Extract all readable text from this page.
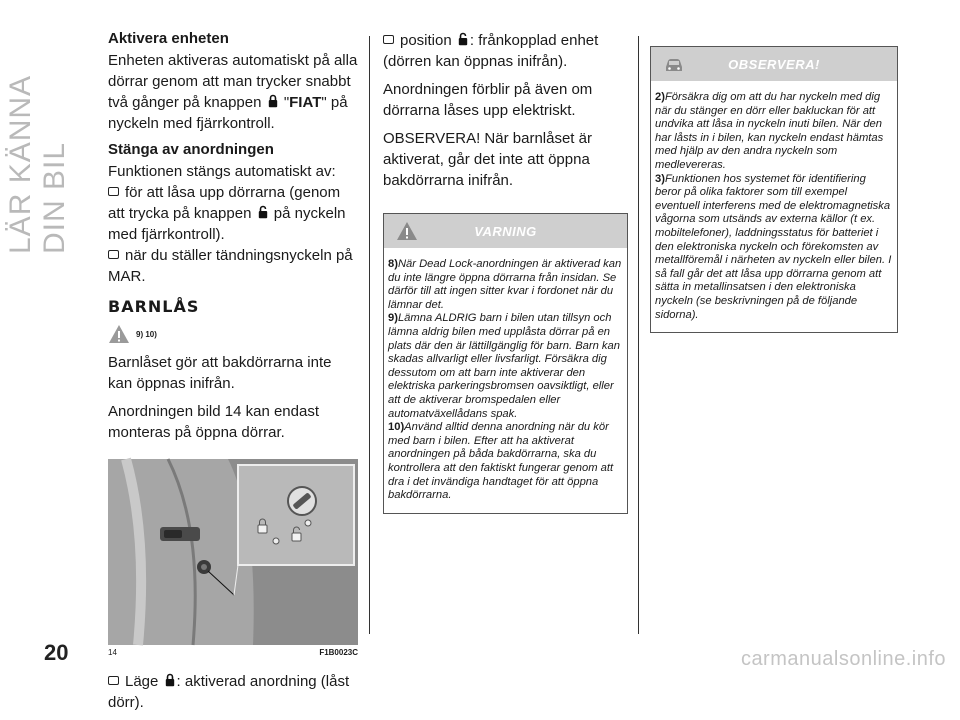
LÄR KÄNNA DIN BIL
20	carmanualsonline.info
Aktivera enheten
Enheten aktiveras automatiskt på alla dörrar genom att man trycker snabbt två gånger på knappen "FIAT" på nyckeln med fjärrkontroll.
Stänga av anordningen
Funktionen stängs automatiskt av:
för att låsa upp dörrarna (genom att trycka på knappen på nyckeln med fjärrkontroll).
när du ställer tändningsnyckeln på MAR.
BARNLÅS
9) 10)
Barnlåset gör att bakdörrarna inte kan öppnas inifrån.
Anordningen bild 14 kan endast monteras på öppna dörrar.
14	F1B0023C
Läge : aktiverad anordning (låst dörr).
position : frånkopplad enhet (dörren kan öppnas inifrån).
Anordningen förblir på även om dörrarna låses upp elektriskt.
OBSERVERA! När barnlåset är aktiverat, går det inte att öppna bakdörrarna inifrån.
VARNING

8)När Dead Lock-anordningen är aktiverad kan du inte längre öppna dörrarna från insidan. Se därför till att ingen sitter kvar i fordonet när du lämnar det.

9)Lämna ALDRIG barn i bilen utan tillsyn och lämna aldrig bilen med upplåsta dörrar på en plats där den är lättillgänglig för barn. Barn kan skadas allvarligt eller livsfarligt. Försäkra dig dessutom om att barn inte aktiverar den elektriska parkeringsbromsen oavsiktligt, eller att de aktiverar bromspedalen eller automatväxellådans spak.

10)Använd alltid denna anordning när du kör med barn i bilen. Efter att ha aktiverat anordningen på båda bakdörrarna, ska du kontrollera att den faktiskt fungerar genom att dra i det invändiga handtaget för att öppna bakdörrarna.

OBSERVERA!

2)Försäkra dig om att du har nyckeln med dig när du stänger en dörr eller bakluckan för att undvika att låsa in nyckeln inuti bilen. När den har låsts in i bilen, kan nyckeln endast hämtas med hjälp av den andra nyckeln som medlevereras.

3)Funktionen hos systemet för identifiering beror på olika faktorer som till exempel eventuell interferens med de elektromagnetiska vågorna som utsänds av externa källor (t ex. mobiltelefoner), laddningsstatus för batteriet i den elektroniska nyckeln och förekomsten av metallföremål i närheten av nyckeln eller bilen. I så fall går det att låsa upp dörrarna genom att sätta in metallinsatsen i den elektroniska nyckeln (se beskrivningen på de följande sidorna).
